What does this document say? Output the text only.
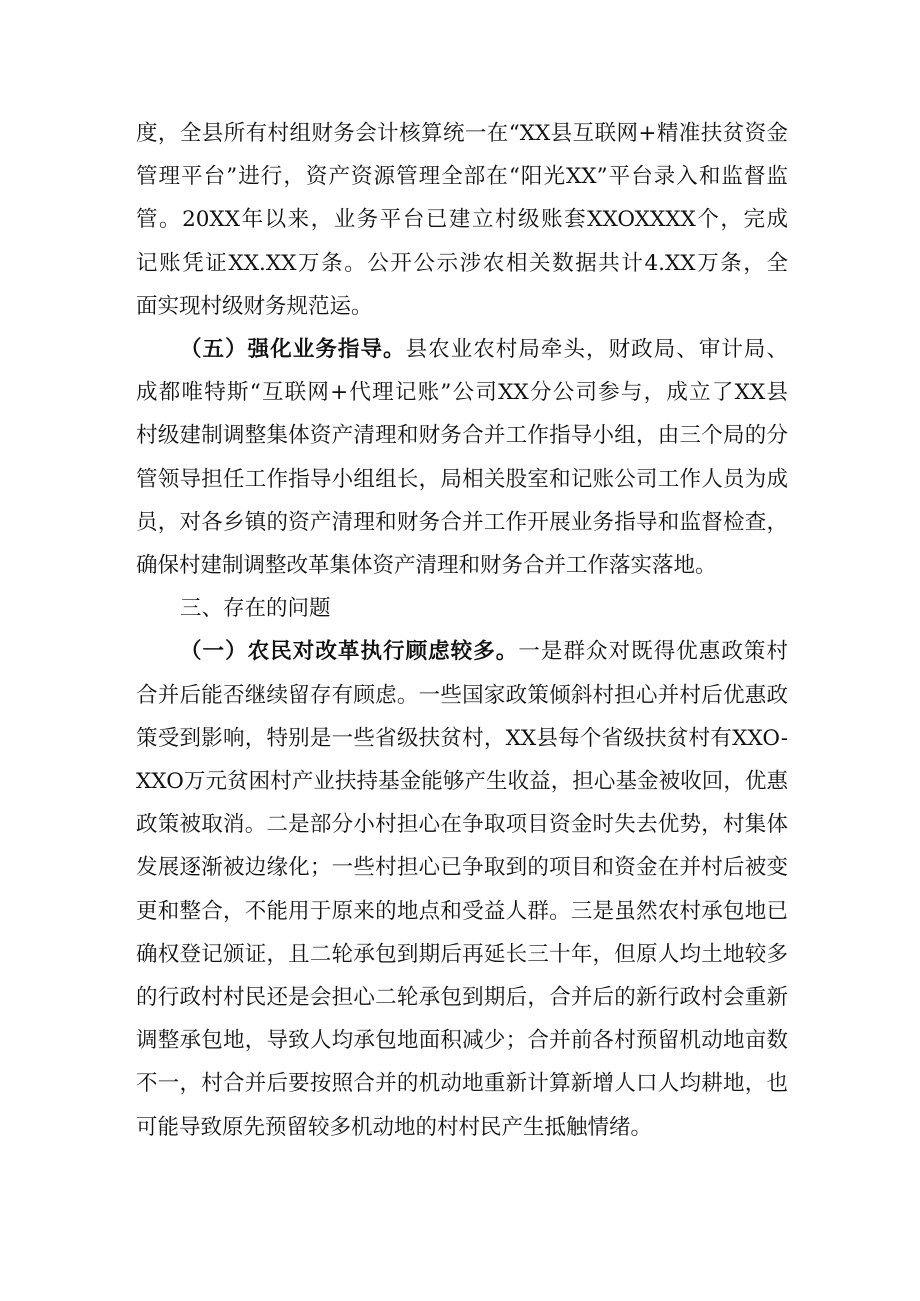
度，全县所有村组财务会计核算统一在“XX县互联网+精准扶贫资金
管理平台”进行，资产资源管理全部在“阳光XX”平台录入和监督监
管。20XX年以来，业务平台已建立村级账套XXOXXXX个，完成
记账凭证XX.XX万条。公开公示涉农相关数据共计4.XX万条，全
面实现村级财务规范运。

（五）强化业务指导。县农业农村局牵头，财政局、审计局、
成都唯特斯“互联网+代理记账”公司XX分公司参与，成立了XX县
村级建制调整集体资产清理和财务合并工作指导小组，由三个局的分
管领导担任工作指导小组组长，局相关股室和记账公司工作人员为成
员，对各乡镇的资产清理和财务合并工作开展业务指导和监督检查，
确保村建制调整改革集体资产清理和财务合并工作落实落地。

三、存在的问题

（一）农民对改革执行顾虑较多。一是群众对既得优惠政策村
合并后能否继续留存有顾虑。一些国家政策倾斜村担心并村后优惠政
策受到影响，特别是一些省级扶贫村，XX县每个省级扶贫村有XXO-
XXO万元贫困村产业扶持基金能够产生收益，担心基金被收回，优惠
政策被取消。二是部分小村担心在争取项目资金时失去优势，村集体
发展逐渐被边缘化；一些村担心已争取到的项目和资金在并村后被变
更和整合，不能用于原来的地点和受益人群。三是虽然农村承包地已
确权登记颁证，且二轮承包到期后再延长三十年，但原人均土地较多
的行政村村民还是会担心二轮承包到期后，合并后的新行政村会重新
调整承包地，导致人均承包地面积减少；合并前各村预留机动地亩数
不一，村合并后要按照合并的机动地重新计算新增人口人均耕地，也
可能导致原先预留较多机动地的村村民产生抵触情绪。
